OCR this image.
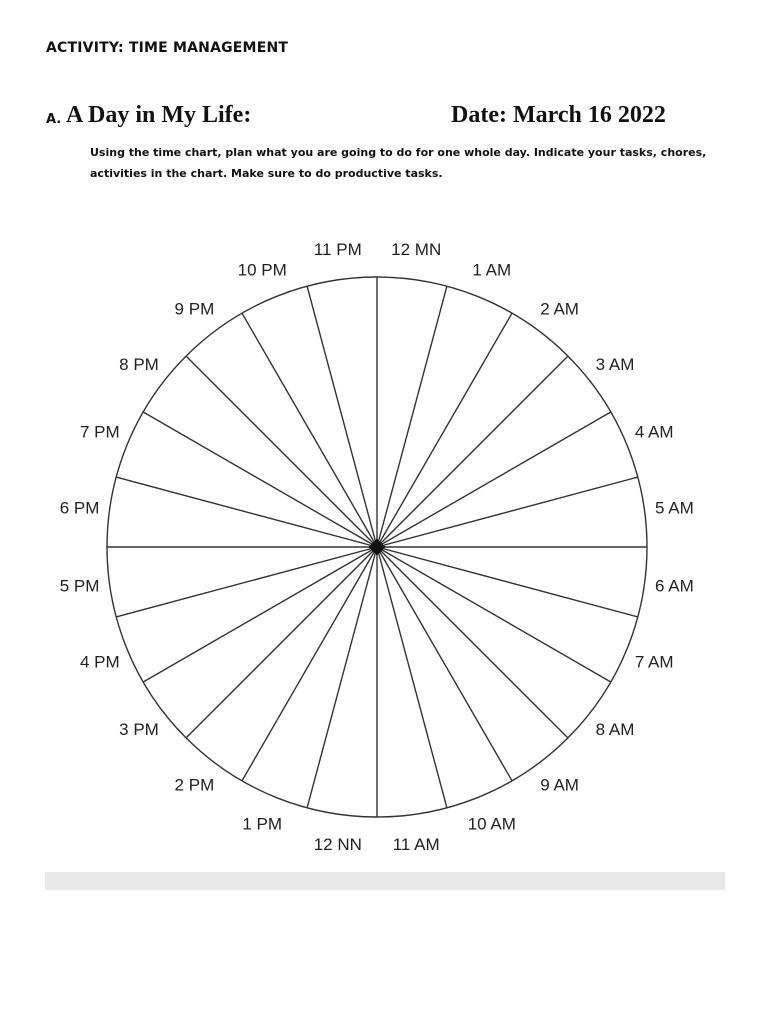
ACTIVITY: TIME MANAGEMENT
A. A Day in My Life:	Date: March 16 2022
Using the time chart, plan what you are going to do for one whole day. Indicate your tasks, chores, activities in the chart. Make sure to do productive tasks.
12 MN
1 AM
2 AM
3 AM
4 AM
5 AM
6 AM
7 AM
8 AM
9 AM
10 AM
11 AM
12 NN
1 PM
2 PM
3 PM
4 PM
5 PM
6 PM
7 PM
8 PM
9 PM
10 PM
11 PM
